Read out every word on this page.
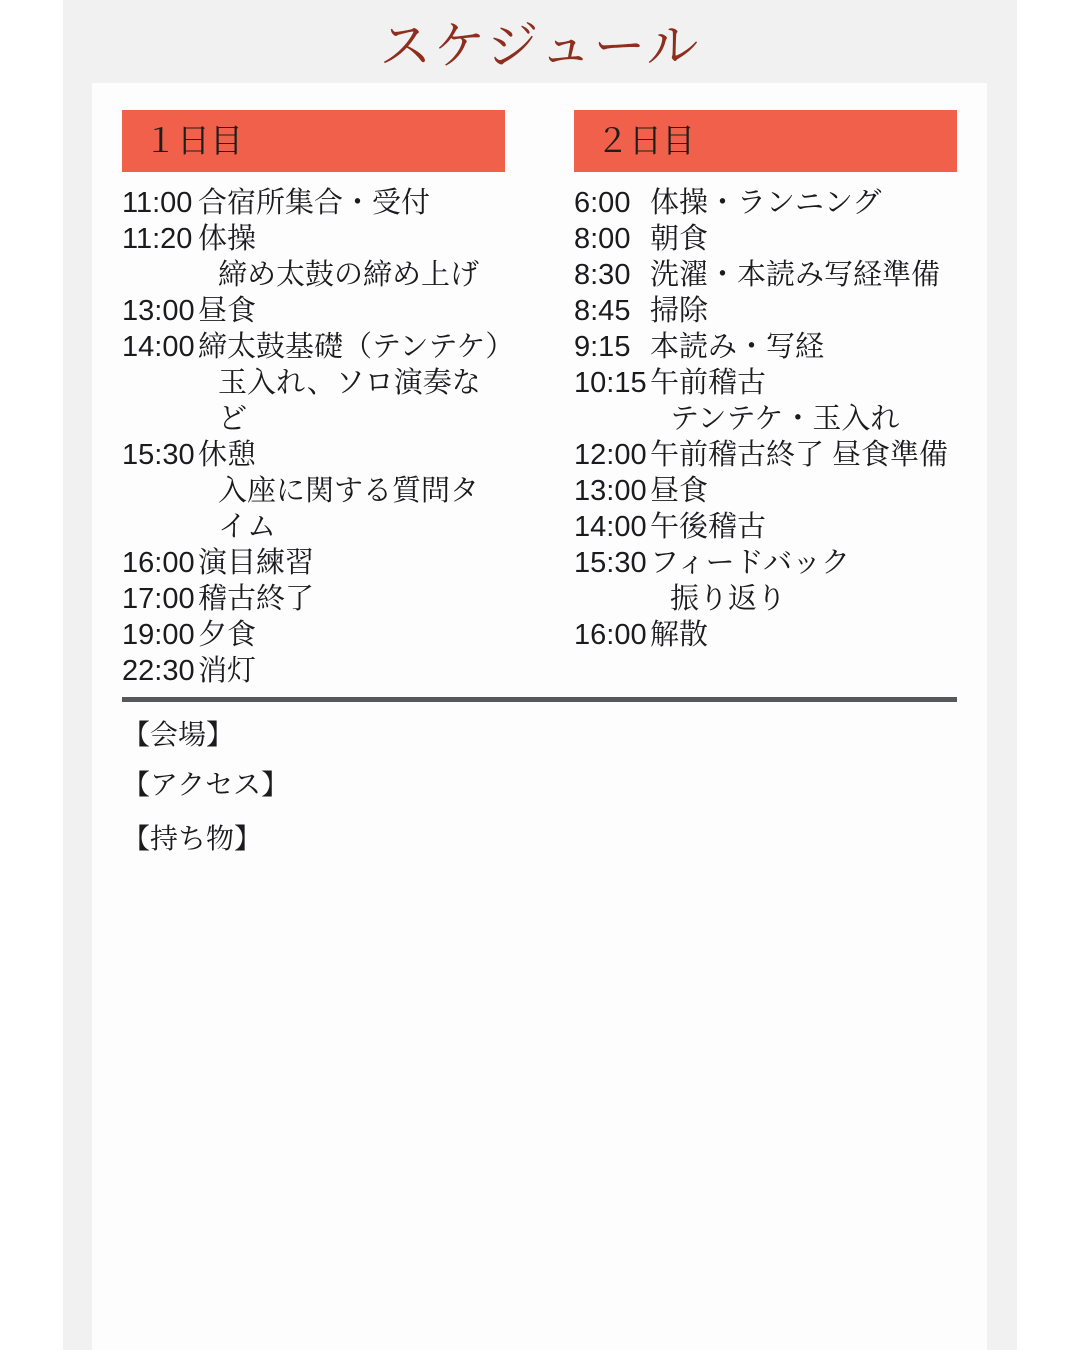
スケジュール
１日目
11:00 合宿所集合・受付
11:20 体操
締め太鼓の締め上げ
13:00 昼食
14:00 締太鼓基礎（テンテケ）
玉入れ、ソロ演奏など
15:30 休憩
入座に関する質問タイム
16:00 演目練習
17:00 稽古終了
19:00 夕食
22:30 消灯
２日目
6:00 体操・ランニング
8:00 朝食
8:30 洗濯・本読み写経準備
8:45 掃除
9:15 本読み・写経
10:15 午前稽古
テンテケ・玉入れ
12:00 午前稽古終了 昼食準備
13:00 昼食
14:00 午後稽古
15:30 フィードバック
振り返り
16:00 解散
【会場】
【アクセス】
【持ち物】
